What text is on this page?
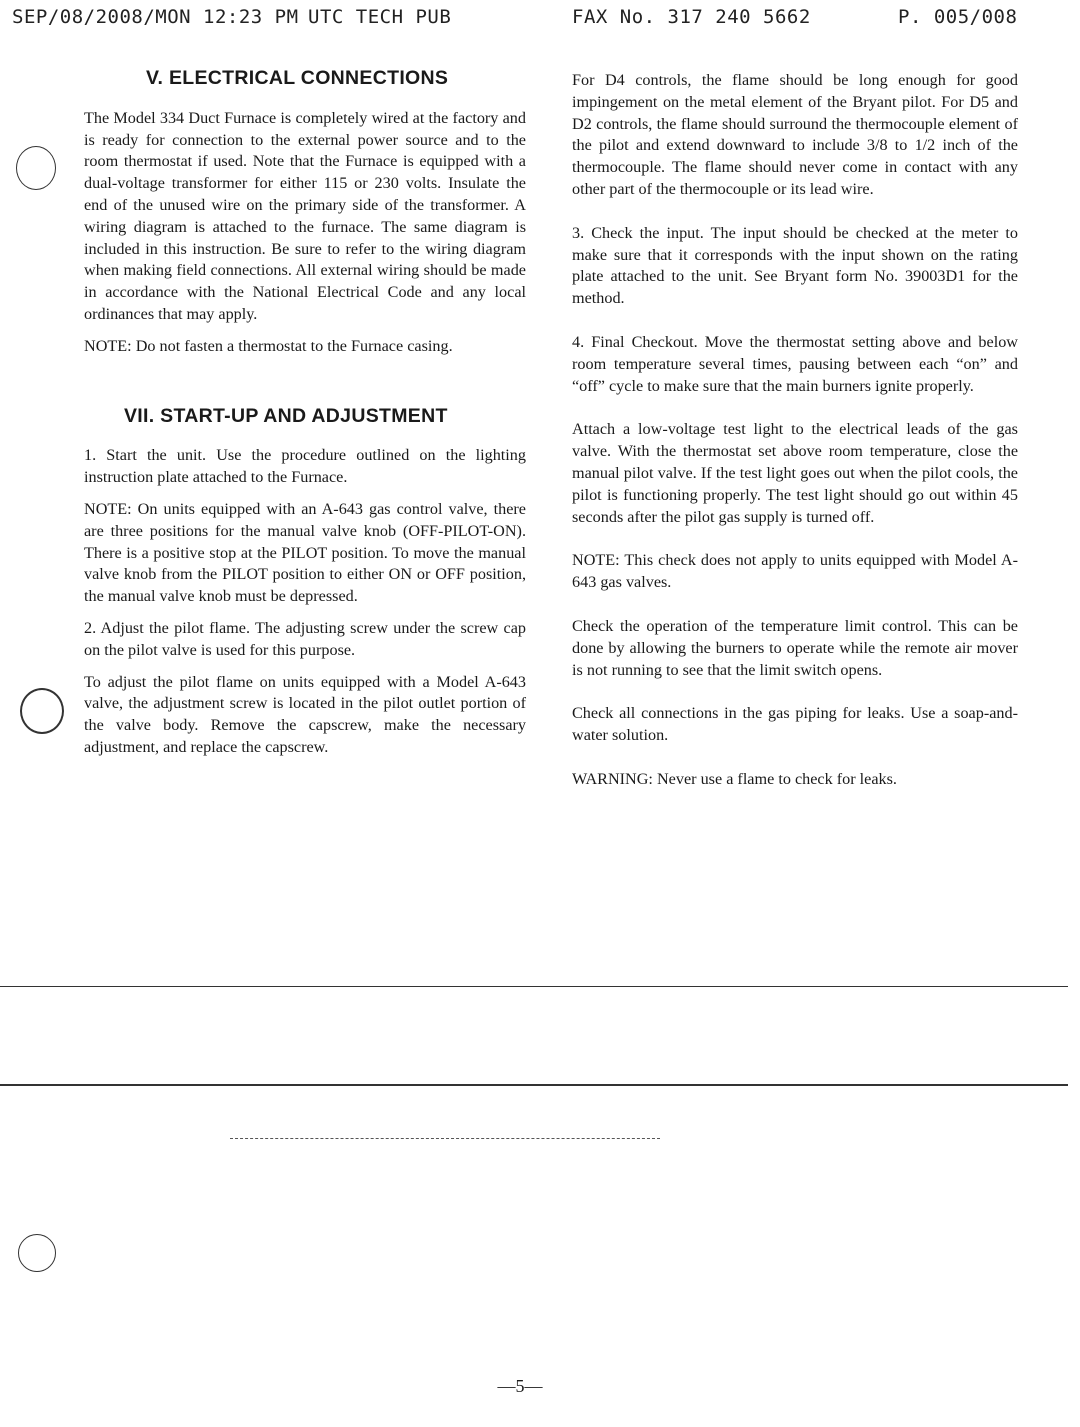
SEP/08/2008/MON 12:23 PM UTC TECH PUB	FAX No. 317 240 5662	P. 005/008
V. ELECTRICAL CONNECTIONS

The Model 334 Duct Furnace is completely wired at the factory and is ready for connection to the external power source and to the room thermostat if used. Note that the Furnace is equipped with a dual-voltage transformer for either 115 or 230 volts. Insulate the end of the unused wire on the primary side of the transformer. A wiring diagram is attached to the furnace. The same diagram is included in this instruction. Be sure to refer to the wiring diagram when making field connections. All external wiring should be made in accordance with the National Electrical Code and any local ordinances that may apply.

NOTE: Do not fasten a thermostat to the Furnace casing.

VII. START-UP AND ADJUSTMENT

1. Start the unit. Use the procedure outlined on the lighting instruction plate attached to the Furnace.

NOTE: On units equipped with an A-643 gas control valve, there are three positions for the manual valve knob (OFF-PILOT-ON). There is a positive stop at the PILOT position. To move the manual valve knob from the PILOT position to either ON or OFF position, the manual valve knob must be depressed.

2. Adjust the pilot flame. The adjusting screw under the screw cap on the pilot valve is used for this purpose.

To adjust the pilot flame on units equipped with a Model A-643 valve, the adjustment screw is located in the pilot outlet portion of the valve body. Remove the capscrew, make the necessary adjustment, and replace the capscrew.

For D4 controls, the flame should be long enough for good impingement on the metal element of the Bryant pilot. For D5 and D2 controls, the flame should surround the thermocouple element of the pilot and extend downward to include 3/8 to 1/2 inch of the thermocouple. The flame should never come in contact with any other part of the thermocouple or its lead wire.

3. Check the input. The input should be checked at the meter to make sure that it corresponds with the input shown on the rating plate attached to the unit. See Bryant form No. 39003D1 for the method.

4. Final Checkout. Move the thermostat setting above and below room temperature several times, pausing between each “on” and “off” cycle to make sure that the main burners ignite properly.

Attach a low-voltage test light to the electrical leads of the gas valve. With the thermostat set above room temperature, close the manual pilot valve. If the test light goes out when the pilot cools, the pilot is functioning properly. The test light should go out within 45 seconds after the pilot gas supply is turned off.

NOTE: This check does not apply to units equipped with Model A-643 gas valves.

Check the operation of the temperature limit control. This can be done by allowing the burners to operate while the remote air mover is not running to see that the limit switch opens.

Check all connections in the gas piping for leaks. Use a soap-and-water solution.

WARNING: Never use a flame to check for leaks.

—5—
